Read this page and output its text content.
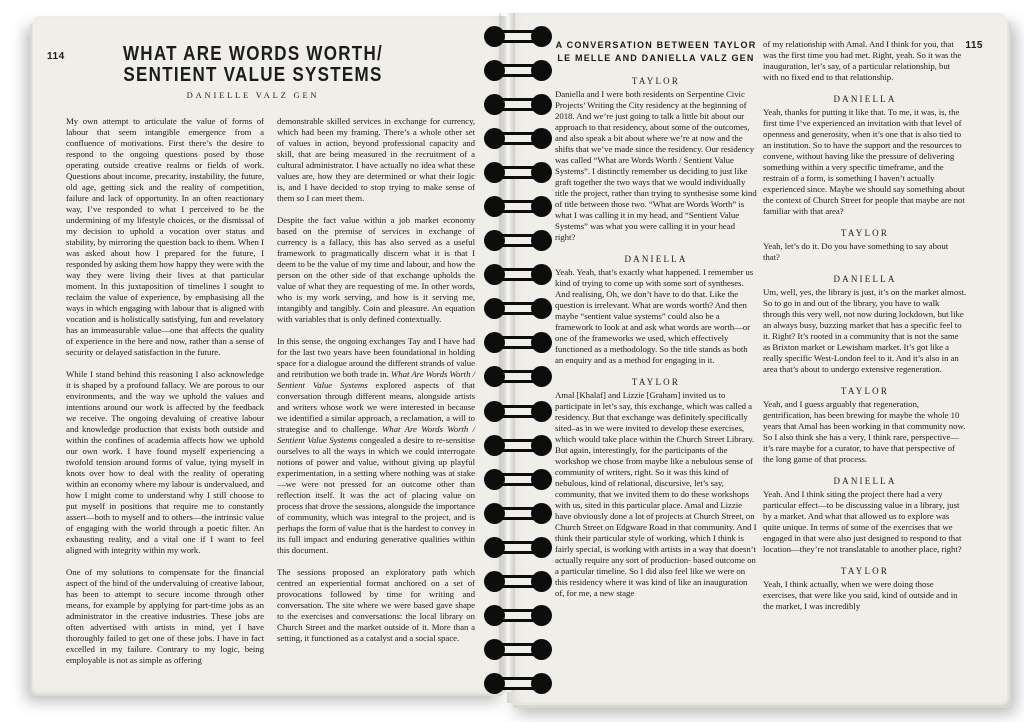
114	WHAT ARE WORDS WORTH/
SENTIENT VALUE SYSTEMS
DANIELLE VALZ GEN

My own attempt to articulate the value of forms of labour that seem intangible emergence from a confluence of motivations. First there’s the desire to respond to the ongoing questions posed by those operating outside creative realms or fields of work. Questions about income, precarity, instability, the future, old age, getting sick and the reality of competition, failure and lack of opportunity. In an often reactionary way, I’ve responded to what I perceived to be the undermining of my lifestyle choices, or the dismissal of my decision to uphold a vocation over status and stability, by mirroring the question back to them. When I was asked about how I prepared for the future, I responded by asking them how happy they were with the way they were living their lives at that particular moment. In this juxtaposition of timelines I sought to reclaim the value of experience, by emphasising all the ways in which engaging with labour that is aligned with vocation and is holistically satisfying, fun and revelatory has an immeasurable value—one that affects the quality of experience in the here and now, rather than a sense of security or delayed satisfaction in the future.

While I stand behind this reasoning I also acknowledge it is shaped by a profound fallacy. We are porous to our environments, and the way we uphold the values and intentions around our work is affected by the feedback we receive. The ongoing devaluing of creative labour and knowledge production that exists both outside and within the confines of academia affects how we uphold our own work. I have found myself experiencing a twofold tension around forms of value, tying myself in knots over how to deal with the reality of operating within an economy where my labour is undervalued, and how I might come to understand why I still choose to put myself in positions that require me to constantly assert—both to myself and to others—the intrinsic value of engaging with the world through a poetic filter. An exhausting reality, and a vital one if I want to feel aligned with integrity within my work.

One of my solutions to compensate for the financial aspect of the bind of the undervaluing of creative labour, has been to attempt to secure income through other means, for example by applying for part-time jobs as an administrator in the creative industries. These jobs are often advertised with artists in mind, yet I have thoroughly failed to get one of these jobs. I have in fact excelled in my failure. Contrary to my logic, being employable is not as simple as offering

demonstrable skilled services in exchange for currency, which had been my framing. There’s a whole other set of values in action, beyond professional capacity and skill, that are being measured in the recruitment of a cultural administrator. I have actually no idea what these values are, how they are determined or what their logic is, and I have decided to stop trying to make sense of them so I can meet them.

Despite the fact value within a job market economy based on the premise of services in exchange of currency is a fallacy, this has also served as a useful framework to pragmatically discern what it is that I deem to be the value of my time and labour, and how the person on the other side of that exchange upholds the value of what they are requesting of me. In other words, who is my work serving, and how is it serving me, intangibly and tangibly. Coin and pleasure. An equation with variables that is only defined contextually.

In this sense, the ongoing exchanges Tay and I have had for the last two years have been foundational in holding space for a dialogue around the different strands of value and retribution we both trade in. What Are Words Worth / Sentient Value Systems explored aspects of that conversation through different means, alongside artists and writers whose work we were interested in because we identified a similar approach, a reclamation, a will to strategise and to challenge. What Are Words Worth / Sentient Value Systems congealed a desire to re-sensitise ourselves to all the ways in which we could interrogate notions of power and value, without giving up playful experimentation, in a setting where nothing was at stake—we were not pressed for an outcome other than reflection itself. It was the act of placing value on process that drove the sessions, alongside the importance of community, which was integral to the project, and is perhaps the form of value that is the hardest to convey in its full impact and enduring generative qualities within this document.

The sessions proposed an exploratory path which centred an experiential format anchored on a set of provocations followed by time for writing and conversation. The site where we were based gave shape to the exercises and conversations: the local library on Church Street and the market outside of it. More than a setting, it functioned as a catalyst and a social space.

115
A CONVERSATION BETWEEN TAYLOR
LE MELLE AND DANIELLA VALZ GEN
TAYLOR

Daniella and I were both residents on Serpentine Civic Projects’ Writing the City residency at the beginning of 2018. And we’re just going to talk a little bit about our approach to that residency, about some of the outcomes, and also speak a bit about where we’re at now and the shifts that we’ve made since the residency. Our residency was called “What are Words Worth / Sentient Value Systems”. I distinctly remember us deciding to just like graft together the two ways that we would individually title the project, rather than trying to synthesise some kind of title between those two. “What are Words Worth” is what I was calling it in my head, and “Sentient Value Systems” was what you were calling it in your head right?

DANIELLA

Yeah. Yeah, that’s exactly what happened. I remember us kind of trying to come up with some sort of syntheses. And realising, Oh, we don’t have to do that. Like the question is irrelevant. What are words worth? And then maybe “sentient value systems” could also be a framework to look at and ask what words are worth—or one of the frameworks we used, which effectively functioned as a methodology. So the title stands as both an enquiry and as a method for engaging in it.

TAYLOR

Amal [Khalaf] and Lizzie [Graham] invited us to participate in let’s say, this exchange, which was called a residency. But that exchange was definitely specifically sited–as in we were invited to develop these exercises, which would take place within the Church Street Library. But again, interestingly, for the participants of the workshop we chose from maybe like a nebulous sense of community of writers, right. So it was this kind of nebulous, kind of relational, discursive, let’s say, community, that we invited them to do these workshops with us, sited in this particular place. Amal and Lizzie have obviously done a lot of projects at Church Street, on Church Street on Edgware Road in that community. And I think their particular style of working, which I think is fairly special, is working with artists in a way that doesn’t actually require any sort of production- based outcome on a particular timeline. So I did also feel like we were on this residency where it was kind of like an inauguration of, for me, a new stage

of my relationship with Amal. And I think for you, that was the first time you had met. Right, yeah. So it was the inauguration, let’s say, of a particular relationship, but with no fixed end to that relationship.

DANIELLA

Yeah, thanks for putting it like that. To me, it was, is, the first time I’ve experienced an invitation with that level of openness and generosity, when it’s one that is also tied to an institution. So to have the support and the resources to convene, without having like the pressure of delivering something within a very specific timeframe, and the restrain of a form, is something I haven’t actually experienced since. Maybe we should say something about the context of Church Street for people that maybe are not familiar with that area?

TAYLOR

Yeah, let’s do it. Do you have something to say about that?

DANIELLA

Um, well, yes, the library is just, it’s on the market almost. So to go in and out of the library, you have to walk through this very well, not now during lockdown, but like an always busy, buzzing market that has a specific feel to it. Right? It’s rooted in a community that is not the same as Brixton market or Lewisham market. It’s got like a really specific West-London feel to it. And it’s also in an area that’s about to undergo extensive regeneration.

TAYLOR

Yeah, and I guess arguably that regeneration, gentrification, has been brewing for maybe the whole 10 years that Amal has been working in that community now. So I also think she has a very, I think rare, perspective—it’s rare maybe for a curator, to have that perspective of the long game of that process.

DANIELLA

Yeah. And I think siting the project there had a very particular effect—to be discussing value in a library, just by a market. And what that allowed us to explore was quite unique. In terms of some of the exercises that we engaged in that were also just designed to respond to that location—they’re not translatable to another place, right?

TAYLOR

Yeah, I think actually, when we were doing those exercises, that were like you said, kind of outside and in the market, I was incredibly
